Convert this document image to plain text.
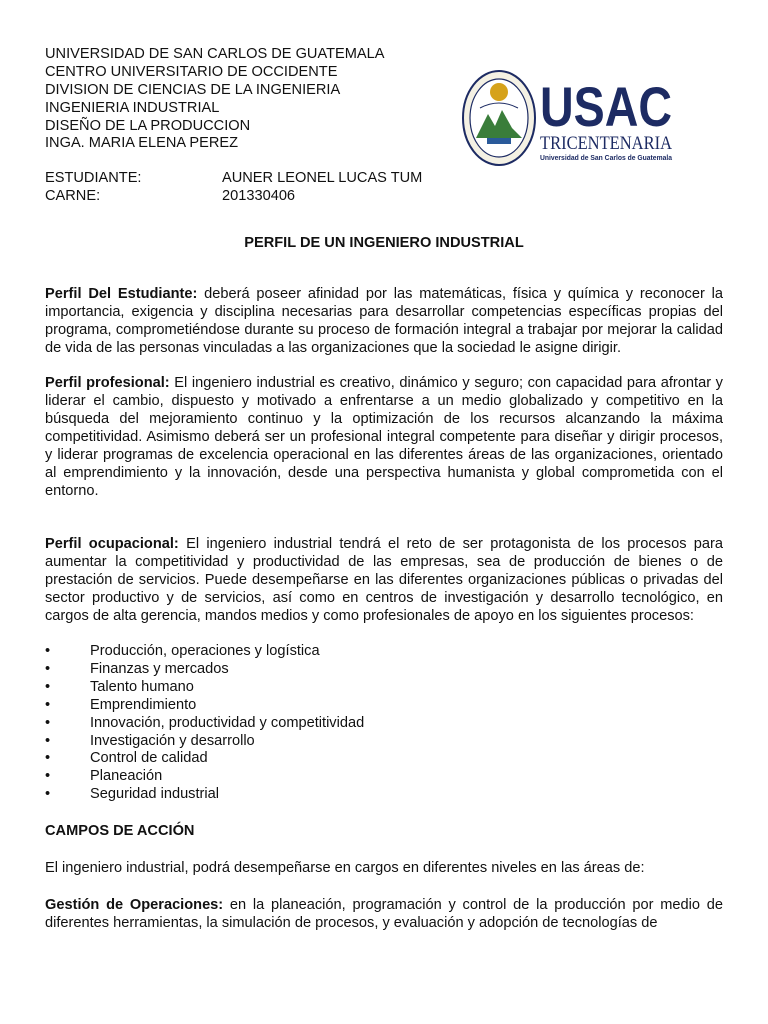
UNIVERSIDAD DE SAN CARLOS DE GUATEMALA
CENTRO UNIVERSITARIO DE OCCIDENTE
DIVISION DE CIENCIAS DE LA INGENIERIA
INGENIERIA INDUSTRIAL
DISEÑO DE LA PRODUCCION
INGA. MARIA ELENA PEREZ
ESTUDIANTE:	AUNER LEONEL LUCAS TUM
CARNE:	201330406
PERFIL DE UN INGENIERO INDUSTRIAL

Perfil Del Estudiante: deberá poseer afinidad por las matemáticas, física y química y reconocer la importancia, exigencia y disciplina necesarias para desarrollar competencias específicas propias del programa, comprometiéndose durante su proceso de formación integral a trabajar por mejorar la calidad de vida de las personas vinculadas a las organizaciones que la sociedad le asigne dirigir.

Perfil profesional: El ingeniero industrial es creativo, dinámico y seguro; con capacidad para afrontar y liderar el cambio, dispuesto y motivado a enfrentarse a un medio globalizado y competitivo en la búsqueda del mejoramiento continuo y la optimización de los recursos alcanzando la máxima competitividad. Asimismo deberá ser un profesional integral competente para diseñar y dirigir procesos, y liderar programas de excelencia operacional en las diferentes áreas de las organizaciones, orientado al emprendimiento y la innovación, desde una perspectiva humanista y global comprometida con el entorno.

Perfil ocupacional: El ingeniero industrial tendrá el reto de ser protagonista de los procesos para aumentar la competitividad y productividad de las empresas, sea de producción de bienes o de prestación de servicios. Puede desempeñarse en las diferentes organizaciones públicas o privadas del sector productivo y de servicios, así como en centros de investigación y desarrollo tecnológico, en cargos de alta gerencia, mandos medios y como profesionales de apoyo en los siguientes procesos:

•	Producción, operaciones y logística
•	Finanzas y mercados
•	Talento humano
•	Emprendimiento
•	Innovación, productividad y competitividad
•	Investigación y desarrollo
•	Control de calidad
•	Planeación
•	Seguridad industrial
CAMPOS DE ACCIÓN

El ingeniero industrial, podrá desempeñarse en cargos en diferentes niveles en las áreas de:

Gestión de Operaciones: en la planeación, programación y control de la producción por medio de diferentes herramientas, la simulación de procesos, y evaluación y adopción de tecnologías de

USAC
TRICENTENARIA
Universidad de San Carlos de Guatemala
